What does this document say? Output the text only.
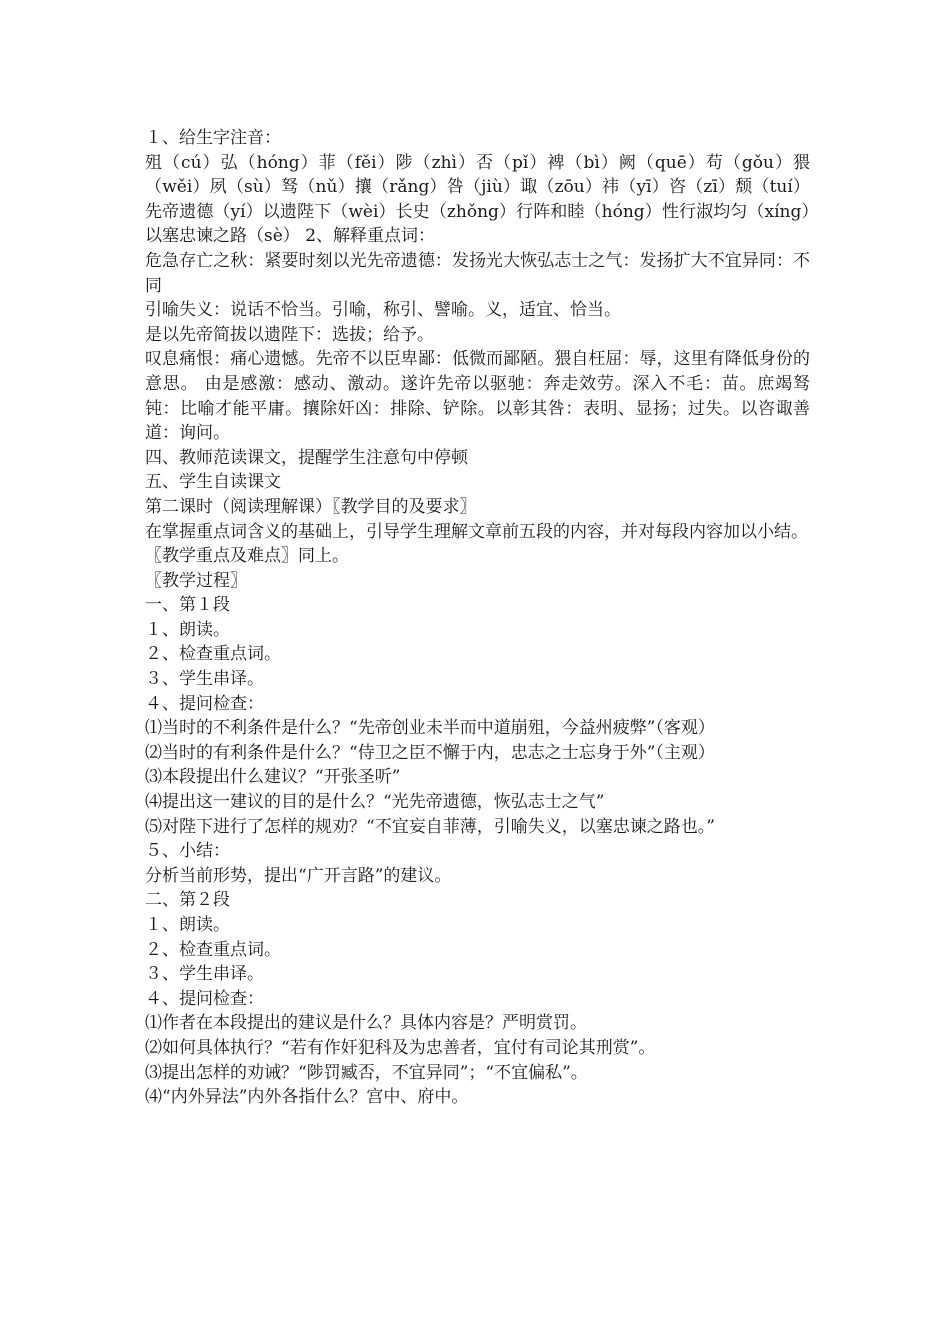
１、给生字注音：
殂（cú）弘（hóng）菲（fěi）陟（zhì）否（pǐ）裨（bì）阙（quē）苟（gǒu）猥（wěi）夙（sù）驽（nǔ）攘（rǎng）咎（jiù）诹（zōu）祎（yī）咨（zī）颓（tuí）先帝遗德（yí）以遗陛下（wèi）长史（zhǒng）行阵和睦（hóng）性行淑均匀（xíng）以塞忠谏之路（sè） 2、解释重点词：
危急存亡之秋：紧要时刻以光先帝遗德：发扬光大恢弘志士之气：发扬扩大不宜异同：不同
引喻失义：说话不恰当。引喻，称引、譬喻。义，适宜、恰当。
是以先帝简拔以遗陛下：选拔；给予。
叹息痛恨：痛心遗憾。先帝不以臣卑鄙：低微而鄙陋。猥自枉屈：辱，这里有降低身份的意思。 由是感激：感动、激动。遂许先帝以驱驰：奔走效劳。深入不毛：苗。庶竭驽钝：比喻才能平庸。攘除奸凶：排除、铲除。以彰其咎：表明、显扬；过失。以咨诹善道：询问。
四、教师范读课文，提醒学生注意句中停顿
五、学生自读课文
第二课时（阅读理解课）〖教学目的及要求〗
在掌握重点词含义的基础上，引导学生理解文章前五段的内容，并对每段内容加以小结。
〖教学重点及难点〗同上。
〖教学过程〗
一、第１段
１、朗读。
２、检查重点词。
３、学生串译。
４、提问检查：
⑴当时的不利条件是什么？“先帝创业未半而中道崩殂，今益州疲弊”（客观）
⑵当时的有利条件是什么？“侍卫之臣不懈于内，忠志之士忘身于外”（主观）
⑶本段提出什么建议？“开张圣听”
⑷提出这一建议的目的是什么？“光先帝遗德，恢弘志士之气”
⑸对陛下进行了怎样的规劝？“不宜妄自菲薄，引喻失义，以塞忠谏之路也。”
５、小结：
分析当前形势，提出“广开言路”的建议。
二、第２段
１、朗读。
２、检查重点词。
３、学生串译。
４、提问检查：
⑴作者在本段提出的建议是什么？具体内容是？严明赏罚。
⑵如何具体执行？“若有作奸犯科及为忠善者，宜付有司论其刑赏”。
⑶提出怎样的劝诫？“陟罚臧否，不宜异同”；“不宜偏私”。
⑷“内外异法”内外各指什么？宫中、府中。
